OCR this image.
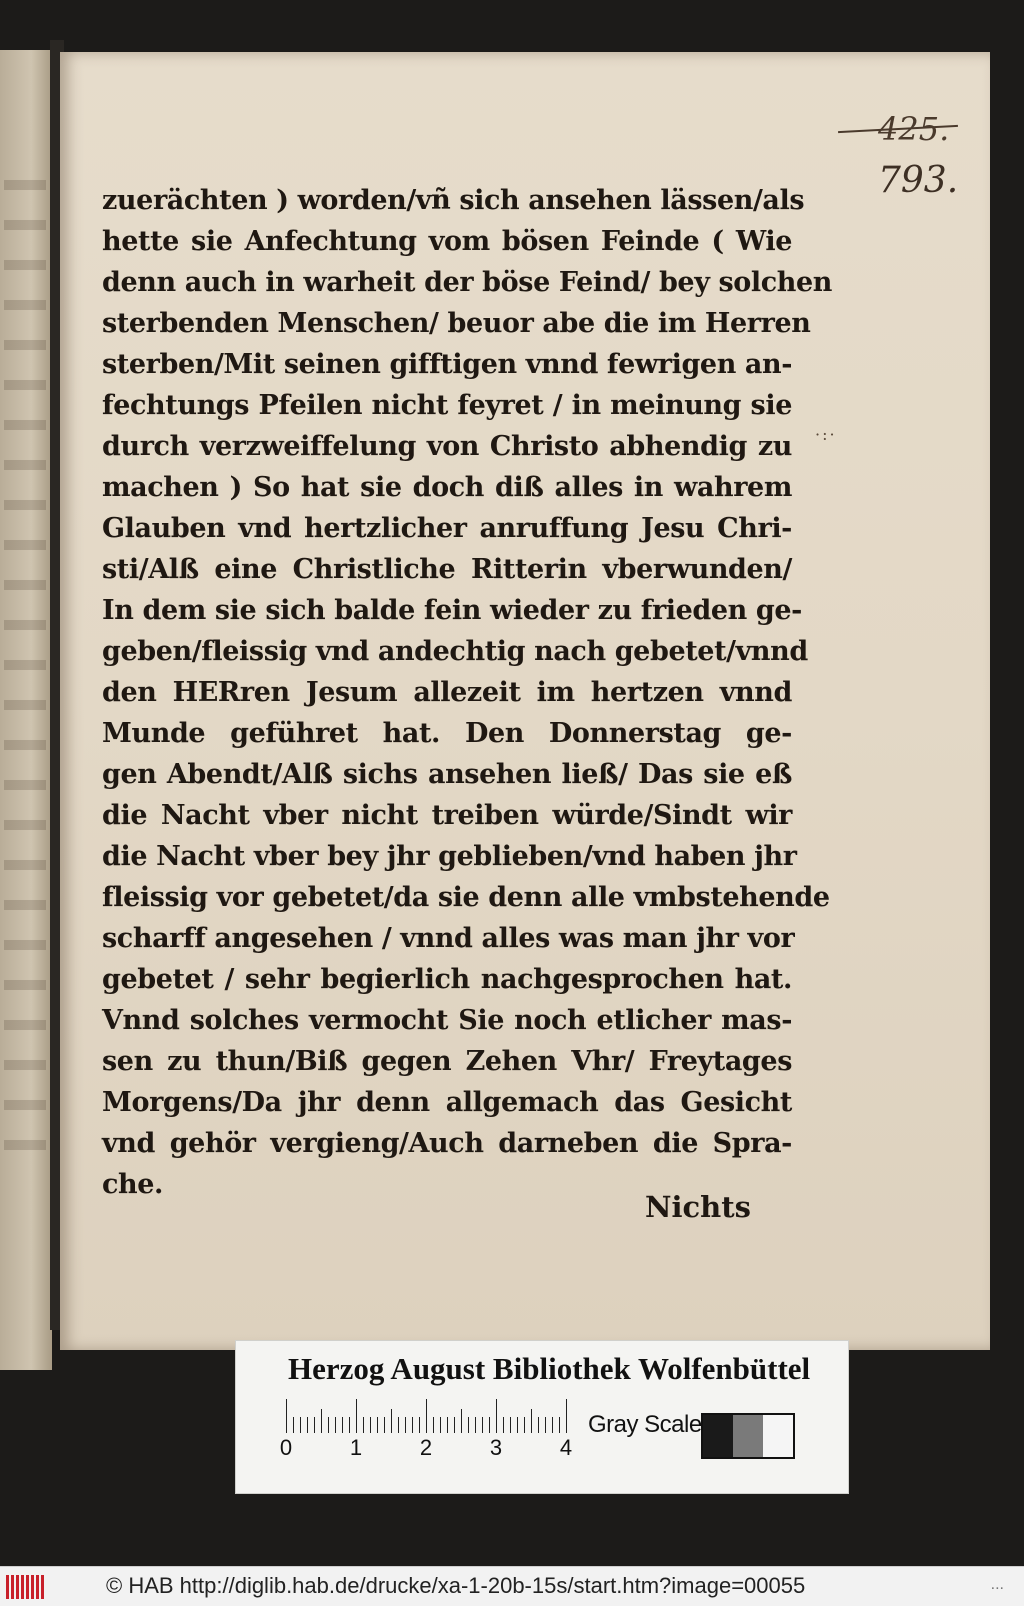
425.
793.
·:·
zuerächten ) worden/vñ sich ansehen lässen/als
hette sie Anfechtung vom bösen Feinde ( Wie
denn auch in warheit der böse Feind/ bey solchen
sterbenden Menschen/ beuor abe die im Herren
sterben/Mit seinen gifftigen vnnd fewrigen an-
fechtungs Pfeilen nicht feyret / in meinung sie
durch verzweiffelung von Christo abhendig zu
machen ) So hat sie doch diß alles in wahrem
Glauben vnd hertzlicher anruffung Jesu Chri-
sti/Alß eine Christliche Ritterin vberwunden/
In dem sie sich balde fein wieder zu frieden ge-
geben/fleissig vnd andechtig nach gebetet/vnnd
den HERren Jesum allezeit im hertzen vnnd
Munde geführet hat. Den Donnerstag ge-
gen Abendt/Alß sichs ansehen ließ/ Das sie eß
die Nacht vber nicht treiben würde/Sindt wir
die Nacht vber bey jhr geblieben/vnd haben jhr
fleissig vor gebetet/da sie denn alle vmbstehende
scharff angesehen / vnnd alles was man jhr vor
gebetet / sehr begierlich nachgesprochen hat.
Vnnd solches vermocht Sie noch etlicher mas-
sen zu thun/Biß gegen Zehen Vhr/ Freytages
Morgens/Da jhr denn allgemach das Gesicht
vnd gehör vergieng/Auch darneben die Spra-
che.
Nichts
Herzog August Bibliothek Wolfenbüttel
0	1	2	3	4
Gray Scale
© HAB http://diglib.hab.de/drucke/xa-1-20b-15s/start.htm?image=00055	...
